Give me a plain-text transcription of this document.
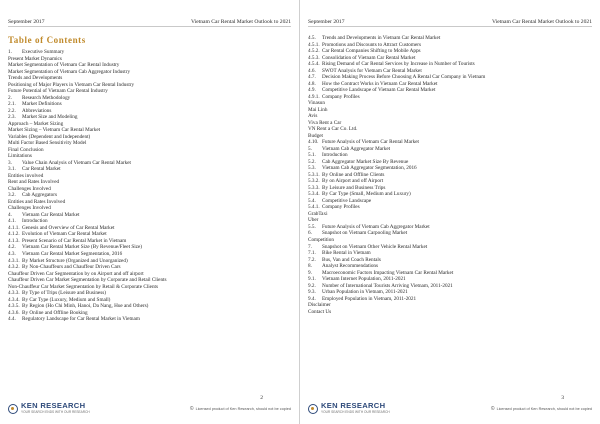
September 2017	Vietnam Car Rental Market Outlook to 2021
Table of Contents
1. Executive Summary
Present Market Dynamics
Market Segmentation of Vietnam Car Rental Industry
Market Segmentation of Vietnam Cab Aggregator Industry
Trends and Developments
Positioning of Major Players in Vietnam Car Rental Industry
Future Potential of Vietnam Car Rental Industry
2. Research Methodology
2.1. Market Definitions
2.2. Abbreviations
2.3. Market Size and Modeling
Approach – Market Sizing
Market Sizing – Vietnam Car Rental Market
Variables (Dependent and Independent)
Multi Factor Based Sensitivity Model
Final Conclusion
Limitations
3. Value Chain Analysis of Vietnam Car Rental Market
3.1. Car Rental Market
Entities involved
Rent and Rates Involved
Challenges Involved
3.2. Cab Aggregators
Entities and Rates Involved
Challenges Involved
4. Vietnam Car Rental Market
4.1. Introduction
4.1.1. Genesis and Overview of Car Rental Market
4.1.2. Evolution of Vietnam Car Rental Market
4.1.3. Present Scenario of Car Rental Market in Vietnam
4.2. Vietnam Car Rental Market Size (By Revenue/Fleet Size)
4.3. Vietnam Car Rental Market Segmentation, 2016
4.3.1. By Market Structure (Organized and Unorganized)
4.3.2. By Non-Chauffeurs and Chauffeur Driven Cars
Chauffeur Driven Car Segmentation by on Airport and off airport
Chauffeur Driven Car Market Segmentation by Corporate and Retail Clients
Non-Chauffeur Car Market Segmentation by Retail & Corporate Clients
4.3.3. By Type of Trips (Leisure and Business)
4.3.4. By Car Type (Luxury, Medium and Small)
4.3.5. By Region (Ho Chi Minh, Hanoi, Da Nang, Hue and Others)
4.3.6. By Online and Offline Booking
4.4. Regulatory Landscape for Car Rental Market in Vietnam
2
KEN RESEARCH
YOUR SEARCH ENDS WITH OUR RESEARCH	© Licensed product of Ken Research, should not be copied
September 2017	Vietnam Car Rental Market Outlook to 2021
4.5. Trends and Developments in Vietnam Car Rental Market
4.5.1. Promotions and Discounts to Attract Customers
4.5.2. Car Rental Companies Shifting to Mobile Apps
4.5.3. Consolidation of Vietnam Car Rental Market
4.5.4. Rising Demand of Car Rental Services by Increase in Number of Tourists
4.6. SWOT Analysis for Vietnam Car Rental Market
4.7. Decision Making Process Before Choosing A Rental Car Company in Vietnam
4.8. How the Contract Works in Vietnam Car Rental Market
4.9. Competitive Landscape of Vietnam Car Rental Market
4.9.1. Company Profiles
Vinasun
Mai Linh
Avis
Viva Rent a Car
VN Rent a Car Co. Ltd.
Budget
4.10. Future Analysis of Vietnam Car Rental Market
5. Vietnam Cab Aggregator Market
5.1. Introduction
5.2. Cab Aggregator Market Size By Revenue
5.3. Vietnam Cab Aggregator Segmentation, 2016
5.3.1. By Online and Offline Clients
5.3.2. By on Airport and off Airport
5.3.3. By Leisure and Business Trips
5.3.4. By Car Type (Small, Medium and Luxury)
5.4. Competitive Landscape
5.4.1. Company Profiles
GrabTaxi
Uber
5.5. Future Analysis of Vietnam Cab Aggregator Market
6. Snapshot on Vietnam Carpooling Market
Competition
7. Snapshot on Vietnam Other Vehicle Rental Market
7.1. Bike Rental in Vietnam
7.2. Bus, Van and Coach Rentals
8. Analyst Recommendations
9. Macroeconomic Factors Impacting Vietnam Car Rental Market
9.1. Vietnam Internet Population, 2011-2021
9.2. Number of International Tourists Arriving Vietnam, 2011-2021
9.3. Urban Population in Vietnam, 2011-2021
9.4. Employed Population in Vietnam, 2011-2021
Disclaimer
Contact Us
3
KEN RESEARCH
YOUR SEARCH ENDS WITH OUR RESEARCH	© Licensed product of Ken Research, should not be copied
